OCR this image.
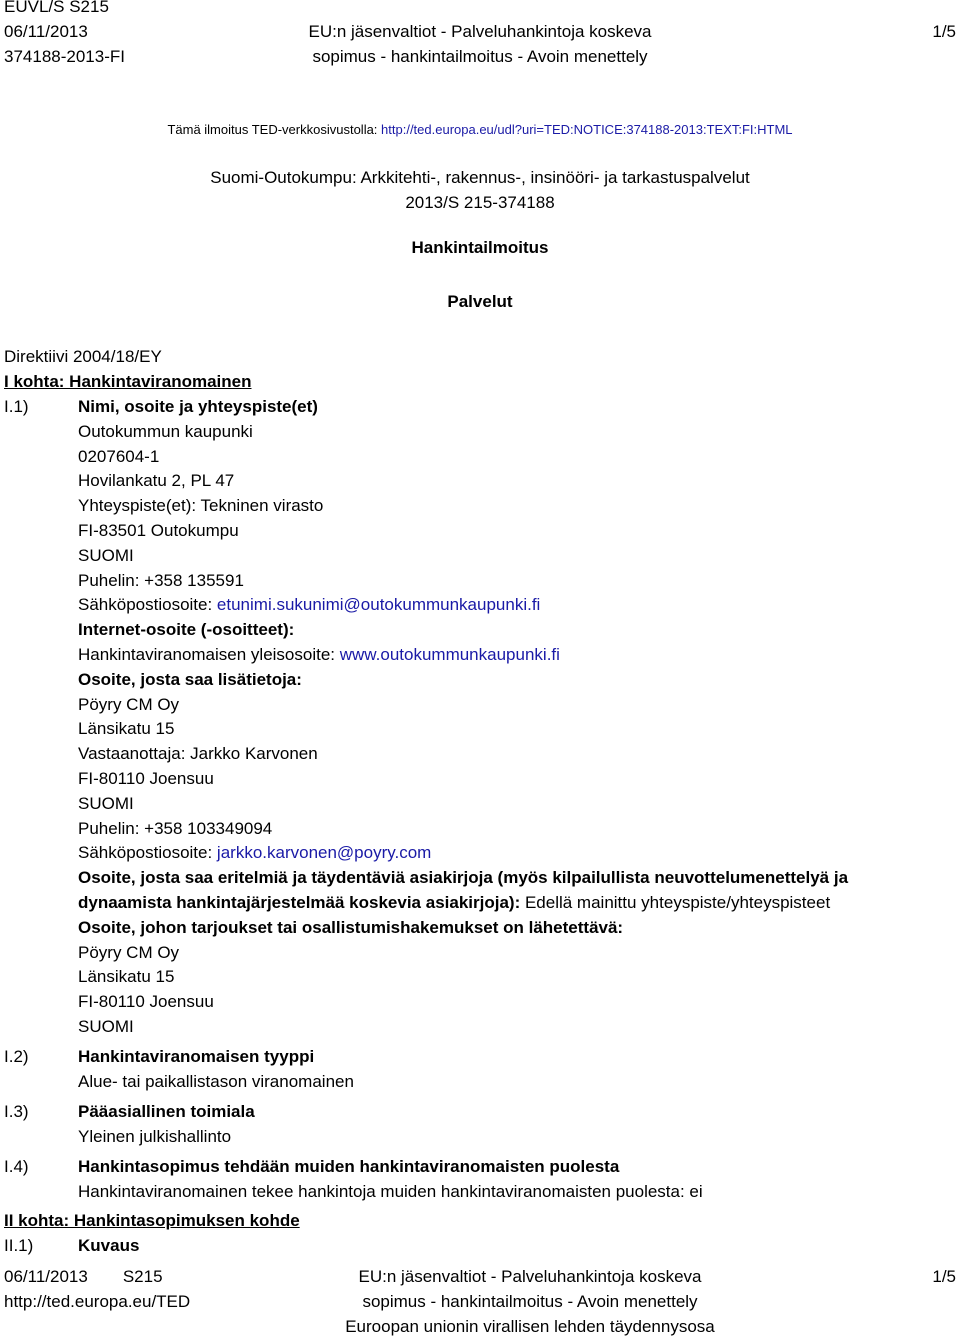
EUVL/S S215
06/11/2013
374188-2013-FI
EU:n jäsenvaltiot - Palveluhankintoja koskeva
sopimus - hankintailmoitus - Avoin menettely
1/5
Tämä ilmoitus TED-verkkosivustolla: http://ted.europa.eu/udl?uri=TED:NOTICE:374188-2013:TEXT:FI:HTML
Suomi-Outokumpu: Arkkitehti-, rakennus-, insinööri- ja tarkastuspalvelut
2013/S 215-374188
Hankintailmoitus
Palvelut
Direktiivi 2004/18/EY
I kohta: Hankintaviranomainen
I.1)	Nimi, osoite ja yhteyspiste(et)
Outokummun kaupunki
0207604-1
Hovilankatu 2, PL 47
Yhteyspiste(et): Tekninen virasto
FI-83501 Outokumpu
SUOMI
Puhelin: +358 135591
Sähköpostiosoite: etunimi.sukunimi@outokummunkaupunki.fi
Internet-osoite (-osoitteet):
Hankintaviranomaisen yleisosoite: www.outokummunkaupunki.fi
Osoite, josta saa lisätietoja:
Pöyry CM Oy
Länsikatu 15
Vastaanottaja: Jarkko Karvonen
FI-80110 Joensuu
SUOMI
Puhelin: +358 103349094
Sähköpostiosoite: jarkko.karvonen@poyry.com
Osoite, josta saa eritelmiä ja täydentäviä asiakirjoja (myös kilpailullista neuvottelumenettelyä ja
dynaamista hankintajärjestelmää koskevia asiakirjoja): Edellä mainittu yhteyspiste/yhteyspisteet
Osoite, johon tarjoukset tai osallistumishakemukset on lähetettävä:
Pöyry CM Oy
Länsikatu 15
FI-80110 Joensuu
SUOMI
I.2)	Hankintaviranomaisen tyyppi
Alue- tai paikallistason viranomainen
I.3)	Pääasiallinen toimiala
Yleinen julkishallinto
I.4)	Hankintasopimus tehdään muiden hankintaviranomaisten puolesta
Hankintaviranomainen tekee hankintoja muiden hankintaviranomaisten puolesta: ei
II kohta: Hankintasopimuksen kohde
II.1)	Kuvaus
06/11/2013 S215
http://ted.europa.eu/TED
EU:n jäsenvaltiot - Palveluhankintoja koskeva
sopimus - hankintailmoitus - Avoin menettely
Euroopan unionin virallisen lehden täydennysosa
1/5
